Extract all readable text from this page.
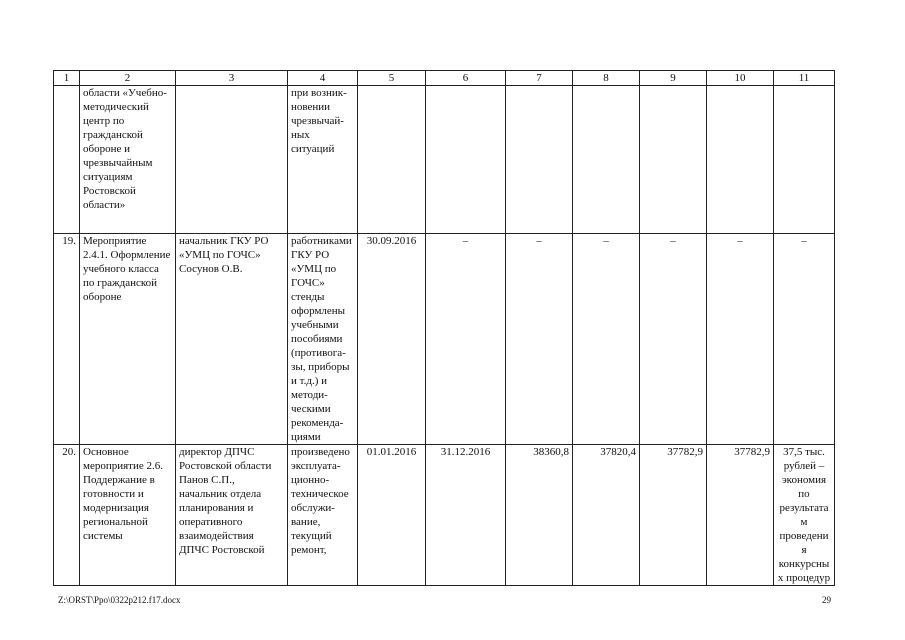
1	2	3	4	5	6	7	8	9	10	11
	области «Учебно-методический центр по гражданской обороне и чрезвычайным ситуациям Ростовской области»		при возник-новении чрезвычай-ных ситуаций							
19.	Мероприятие 2.4.1. Оформление учебного класса по гражданской обороне	начальник ГКУ РО «УМЦ по ГОЧС» Сосунов О.В.	работниками ГКУ РО «УМЦ по ГОЧС» стенды оформлены учебными пособиями (противога-зы, приборы и т.д.) и методи-ческими рекоменда-циями	30.09.2016	–	–	–	–	–	–
20.	Основное мероприятие 2.6. Поддержание в готовности и модернизация региональной системы	директор ДПЧС Ростовской области Панов С.П., начальник отдела планирования и оперативного взаимодействия ДПЧС Ростовской	произведено эксплуата-ционно-техническое обслужи-вание, текущий ремонт,	01.01.2016	31.12.2016	38360,8	37820,4	37782,9	37782,9	37,5 тыс. рублей – экономия по результатам проведения конкурсных процедур
Z:\ORST\Ppo\0322p212.f17.docx	29
